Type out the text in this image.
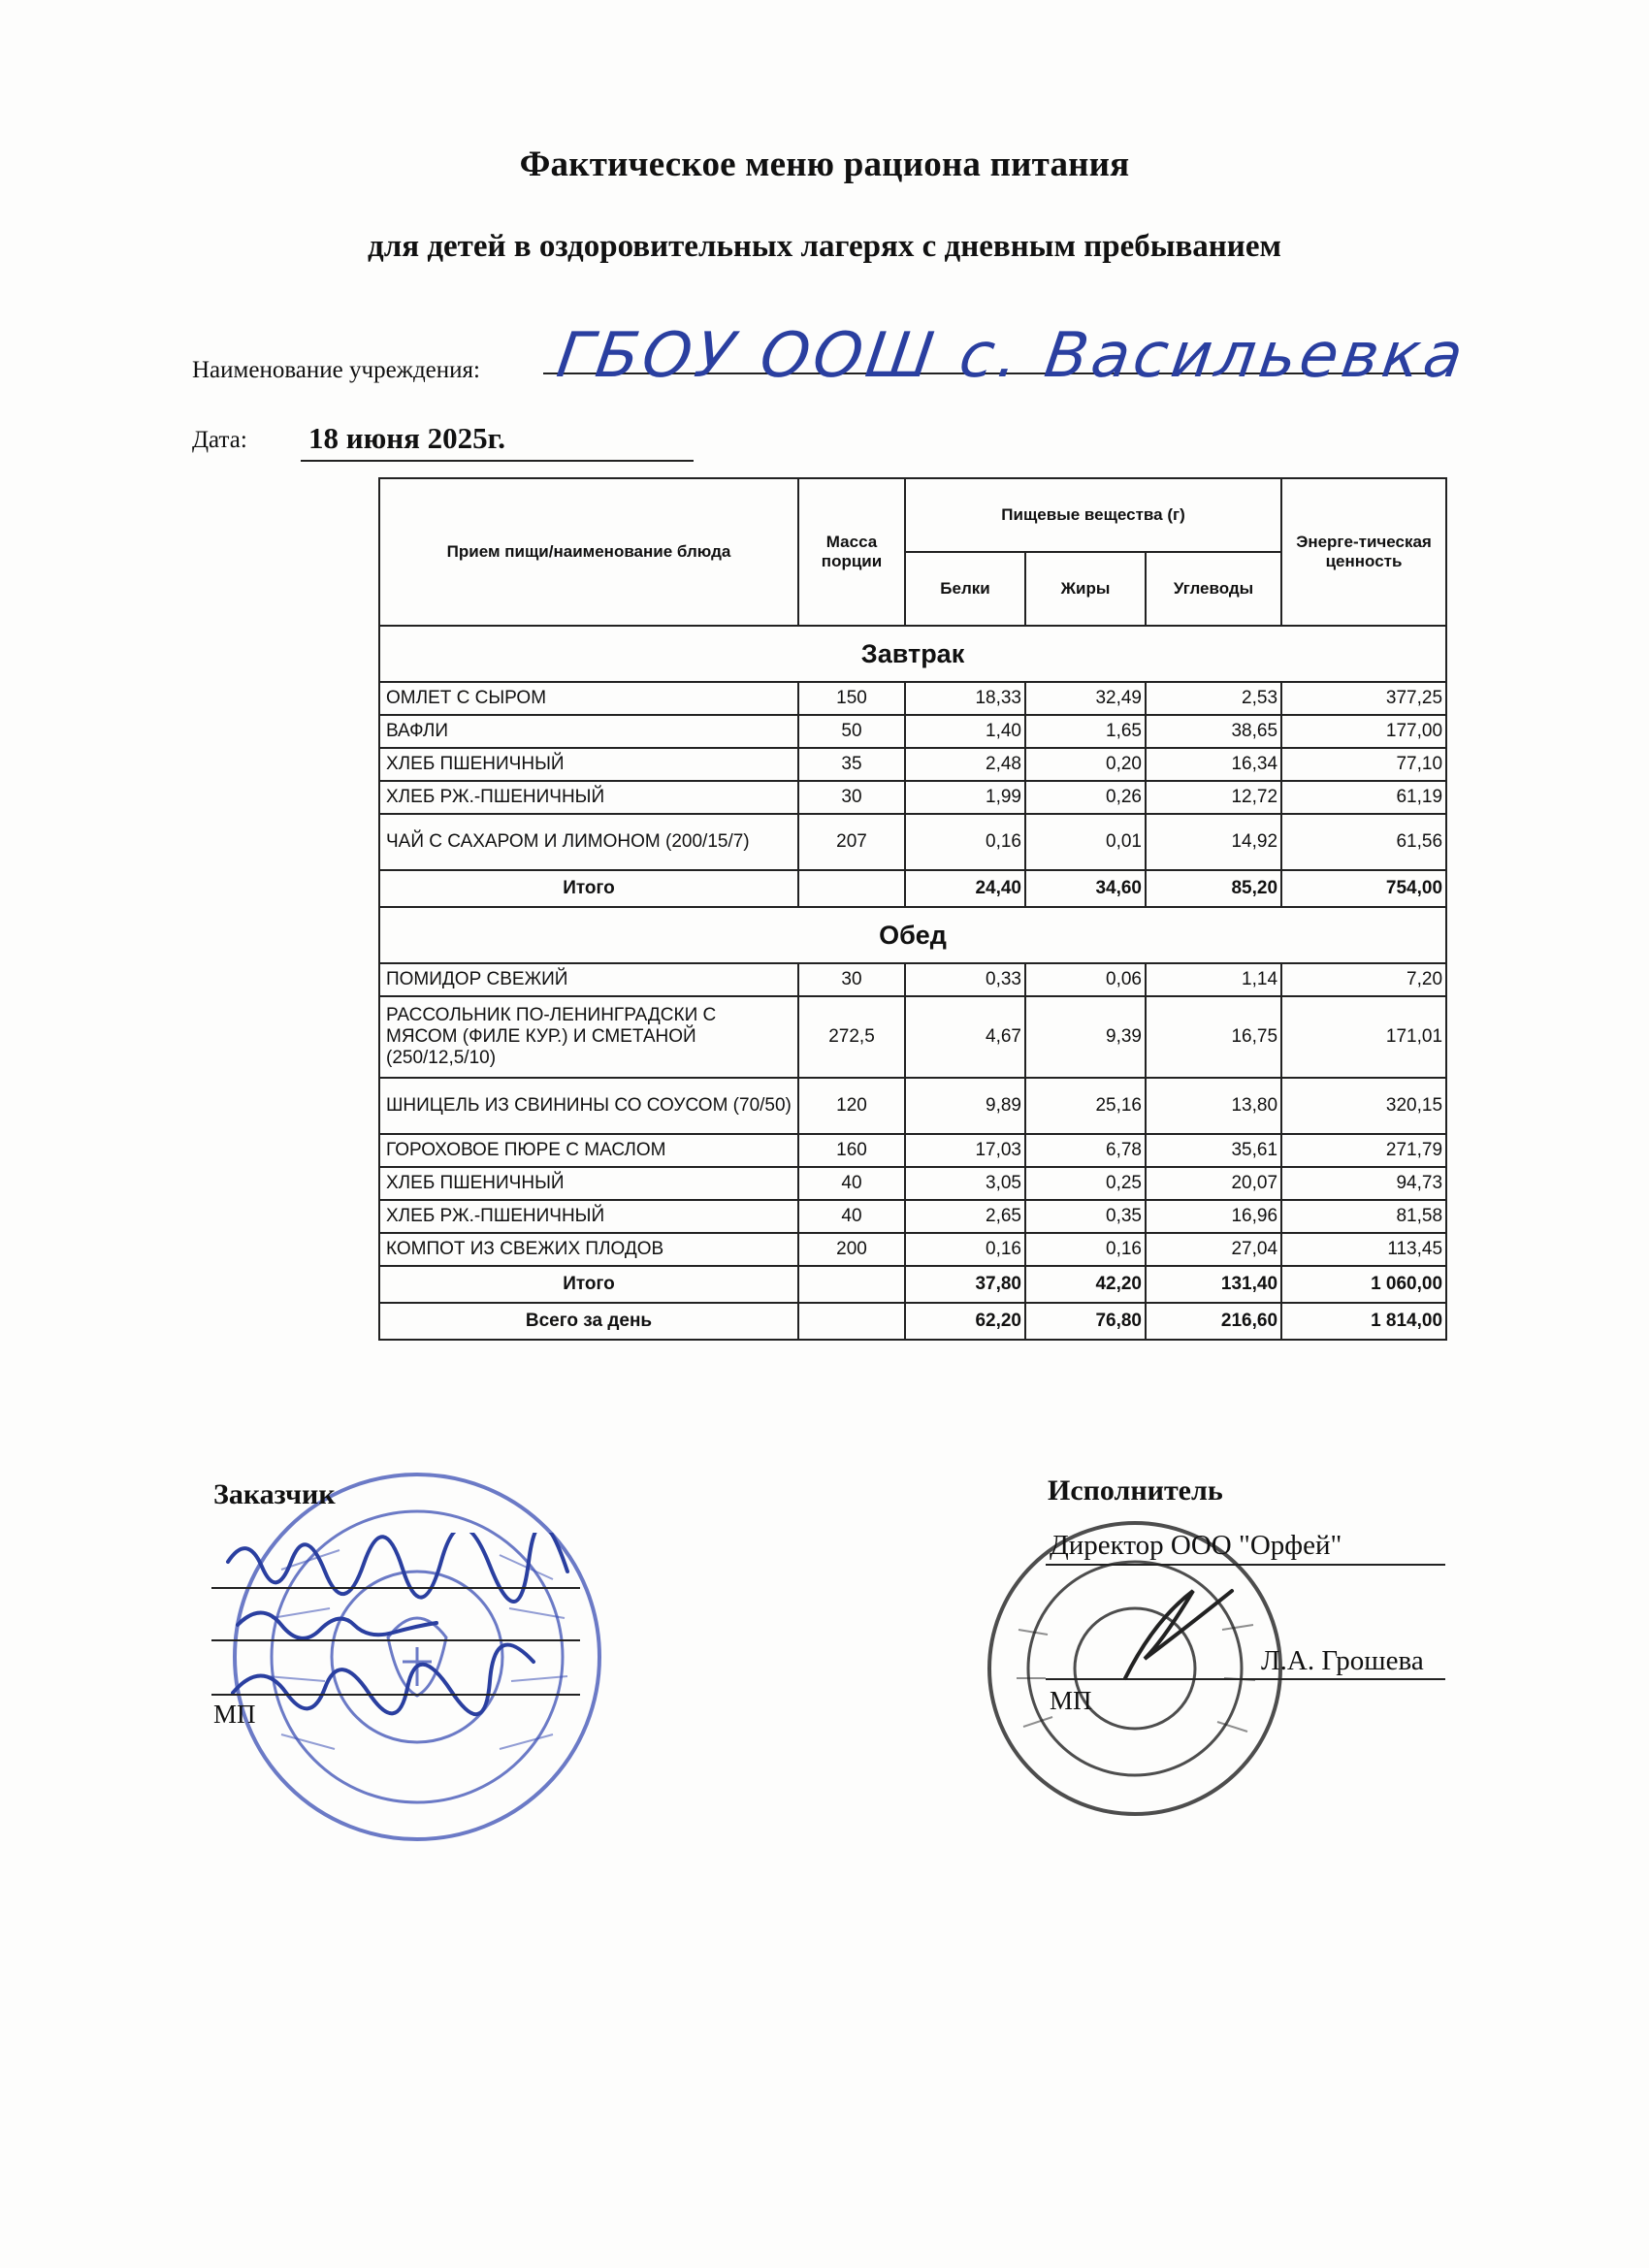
Фактическое меню рациона питания
для детей в оздоровительных лагерях с дневным пребыванием
Наименование учреждения: ГБОУ ООШ с. Васильевка
Дата: 18 июня 2025г.
Прием пищи/наименование блюда	Масса порции	Пищевые вещества (г)			Энерге-тическая ценность
		Белки	Жиры	Углеводы	
Завтрак					
ОМЛЕТ С СЫРОМ	150	18,33	32,49	2,53	377,25
ВАФЛИ	50	1,40	1,65	38,65	177,00
ХЛЕБ ПШЕНИЧНЫЙ	35	2,48	0,20	16,34	77,10
ХЛЕБ РЖ.-ПШЕНИЧНЫЙ	30	1,99	0,26	12,72	61,19
ЧАЙ С САХАРОМ И ЛИМОНОМ (200/15/7)	207	0,16	0,01	14,92	61,56
Итого		24,40	34,60	85,20	754,00
Обед					
ПОМИДОР СВЕЖИЙ	30	0,33	0,06	1,14	7,20
РАССОЛЬНИК ПО-ЛЕНИНГРАДСКИ С МЯСОМ (ФИЛЕ КУР.) И СМЕТАНОЙ (250/12,5/10)	272,5	4,67	9,39	16,75	171,01
ШНИЦЕЛЬ ИЗ СВИНИНЫ СО СОУСОМ (70/50)	120	9,89	25,16	13,80	320,15
ГОРОХОВОЕ ПЮРЕ С МАСЛОМ	160	17,03	6,78	35,61	271,79
ХЛЕБ ПШЕНИЧНЫЙ	40	3,05	0,25	20,07	94,73
ХЛЕБ РЖ.-ПШЕНИЧНЫЙ	40	2,65	0,35	16,96	81,58
КОМПОТ ИЗ СВЕЖИХ ПЛОДОВ	200	0,16	0,16	27,04	113,45
Итого		37,80	42,20	131,40	1 060,00
Всего за день		62,20	76,80	216,60	1 814,00
Заказчик
МП
Исполнитель
Директор ООО "Орфей"
Л.А. Грошева
МП
